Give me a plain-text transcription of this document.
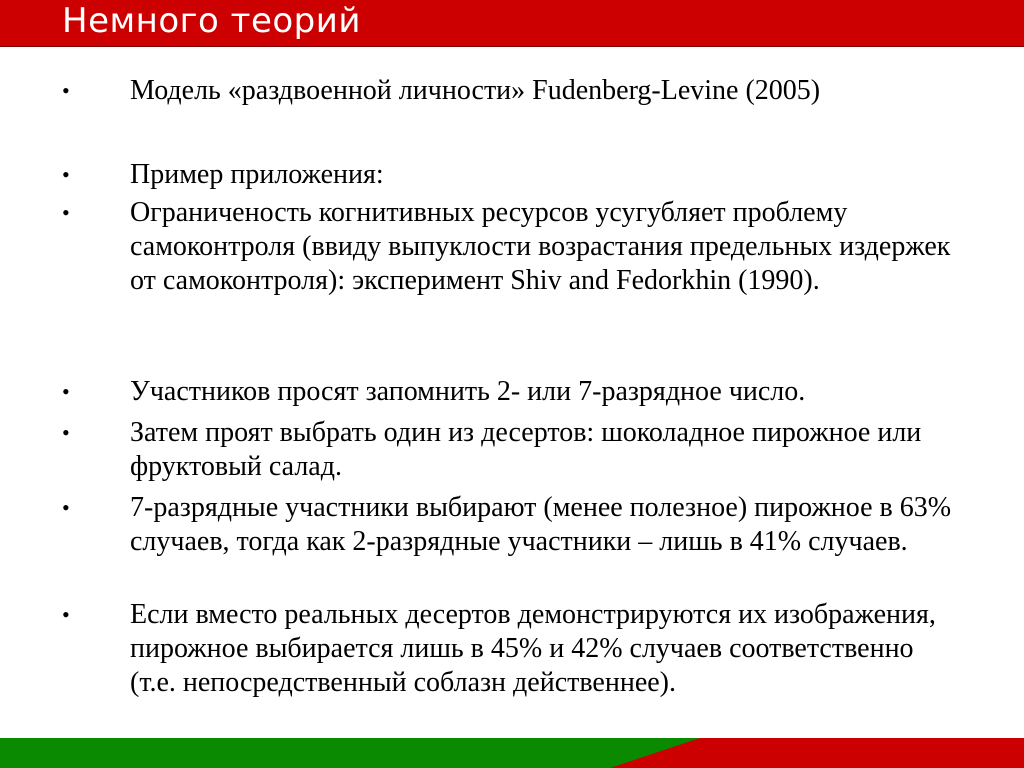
Немного теорий
• Модель «раздвоенной личности» Fudenberg-Levine (2005)
• Пример приложения:
• Ограниченость когнитивных ресурсов усугубляет проблему самоконтроля (ввиду выпуклости возрастания предельных издержек от самоконтроля): эксперимент Shiv and Fedorkhin (1990).
• Участников просят запомнить 2- или 7-разрядное число.
• Затем проят выбрать один из десертов: шоколадное пирожное или фруктовый салад.
• 7-разрядные участники выбирают (менее полезное) пирожное в 63% случаев, тогда как 2-разрядные участники – лишь в 41% случаев.
• Если вместо реальных десертов демонстрируются их изображения, пирожное выбирается лишь в 45% и 42% случаев соответственно (т.е. непосредственный соблазн действеннее).
